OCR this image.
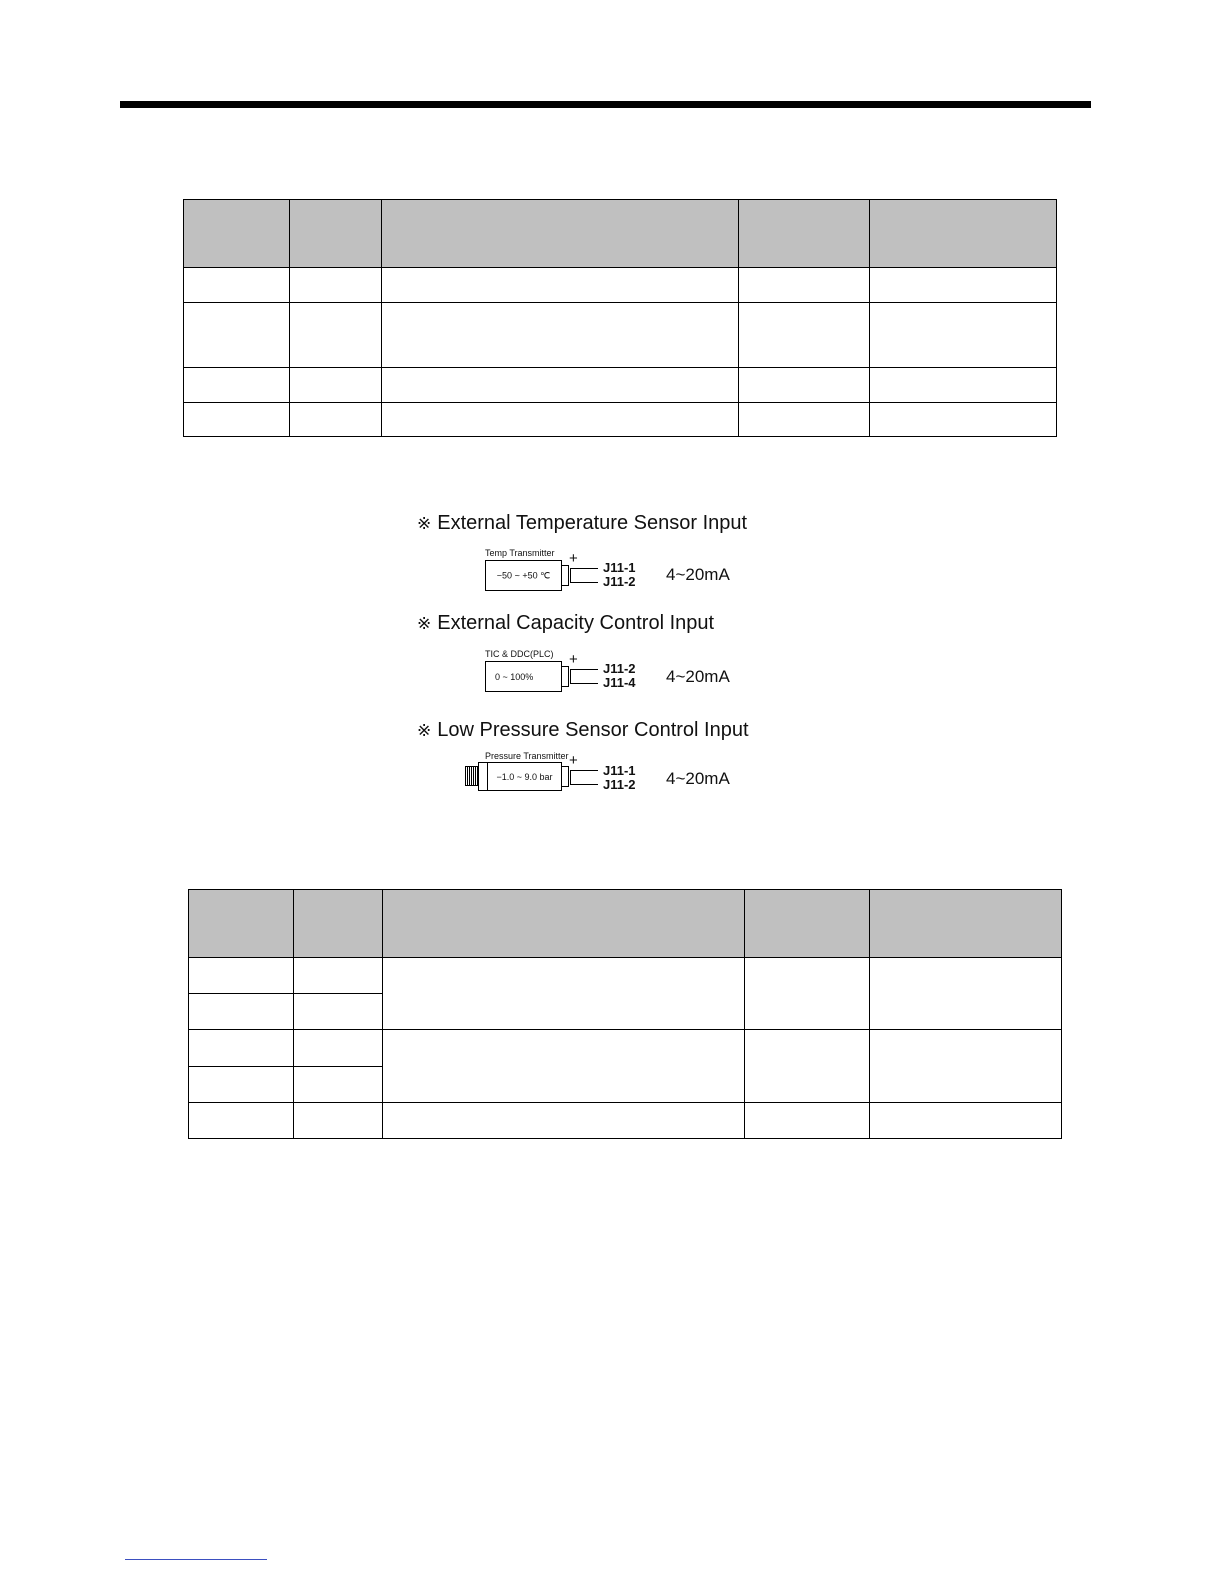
※ External Temperature Sensor Input
Temp Transmitter
−50 ~ +50 ℃
+
J11-1
J11-2 4~20mA
※ External Capacity Control Input
TIC & DDC(PLC)
0 ~ 100%
+
J11-2
J11-4 4~20mA
※ Low Pressure Sensor Control Input
Pressure Transmitter
−1.0 ~ 9.0 bar
+
J11-1
J11-2 4~20mA
